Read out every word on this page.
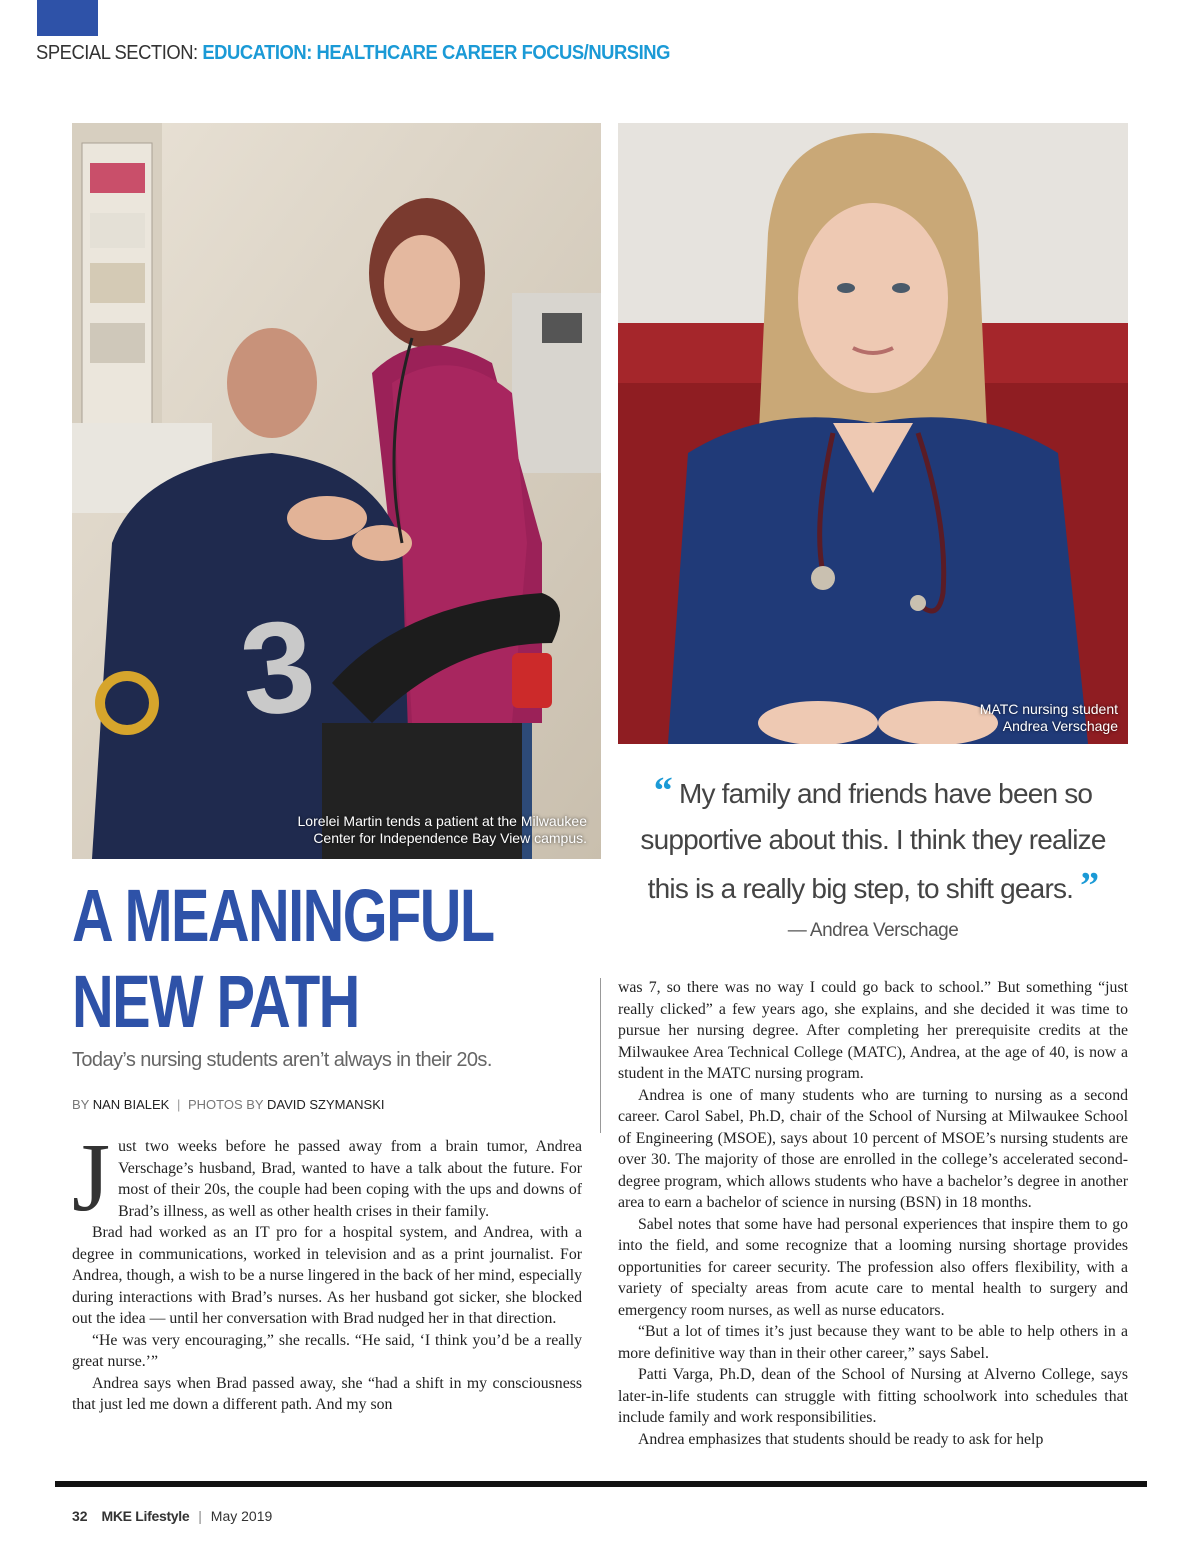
SPECIAL SECTION: EDUCATION: HEALTHCARE CAREER FOCUS/NURSING
3
Lorelei Martin tends a patient at the Milwaukee
Center for Independence Bay View campus.
MATC nursing student
Andrea Verschage
“ My family and friends have been so
supportive about this. I think they realize
this is a really big step, to shift gears. ”
— Andrea Verschage
A MEANINGFUL
NEW PATH
Today’s nursing students aren’t always in their 20s.
BY NAN BIALEK | PHOTOS BY DAVID SZYMANSKI

Just two weeks before he passed away from a brain tumor, Andrea Verschage’s husband, Brad, wanted to have a talk about the future. For most of their 20s, the couple had been coping with the ups and downs of Brad’s illness, as well as other health crises in their family.

Brad had worked as an IT pro for a hospital system, and Andrea, with a degree in communications, worked in television and as a print journalist. For Andrea, though, a wish to be a nurse lingered in the back of her mind, especially during interactions with Brad’s nurses. As her husband got sicker, she blocked out the idea — until her conversation with Brad nudged her in that direction.

“He was very encouraging,” she recalls. “He said, ‘I think you’d be a really great nurse.’”

Andrea says when Brad passed away, she “had a shift in my consciousness that just led me down a different path. And my son

was 7, so there was no way I could go back to school.” But something “just really clicked” a few years ago, she explains, and she decided it was time to pursue her nursing degree. After completing her prerequisite credits at the Milwaukee Area Technical College (MATC), Andrea, at the age of 40, is now a student in the MATC nursing program.

Andrea is one of many students who are turning to nursing as a second career. Carol Sabel, Ph.D, chair of the School of Nursing at Milwaukee School of Engineering (MSOE), says about 10 percent of MSOE’s nursing students are over 30. The majority of those are enrolled in the college’s accelerated second-degree program, which allows students who have a bachelor’s degree in another area to earn a bachelor of science in nursing (BSN) in 18 months.

Sabel notes that some have had personal experiences that inspire them to go into the field, and some recognize that a looming nursing shortage provides opportunities for career security. The profession also offers flexibility, with a variety of specialty areas from acute care to mental health to surgery and emergency room nurses, as well as nurse educators.

“But a lot of times it’s just because they want to be able to help others in a more definitive way than in their other career,” says Sabel.

Patti Varga, Ph.D, dean of the School of Nursing at Alverno College, says later-in-life students can struggle with fitting schoolwork into schedules that include family and work responsibilities.

Andrea emphasizes that students should be ready to ask for help

32 MKE Lifestyle | May 2019
